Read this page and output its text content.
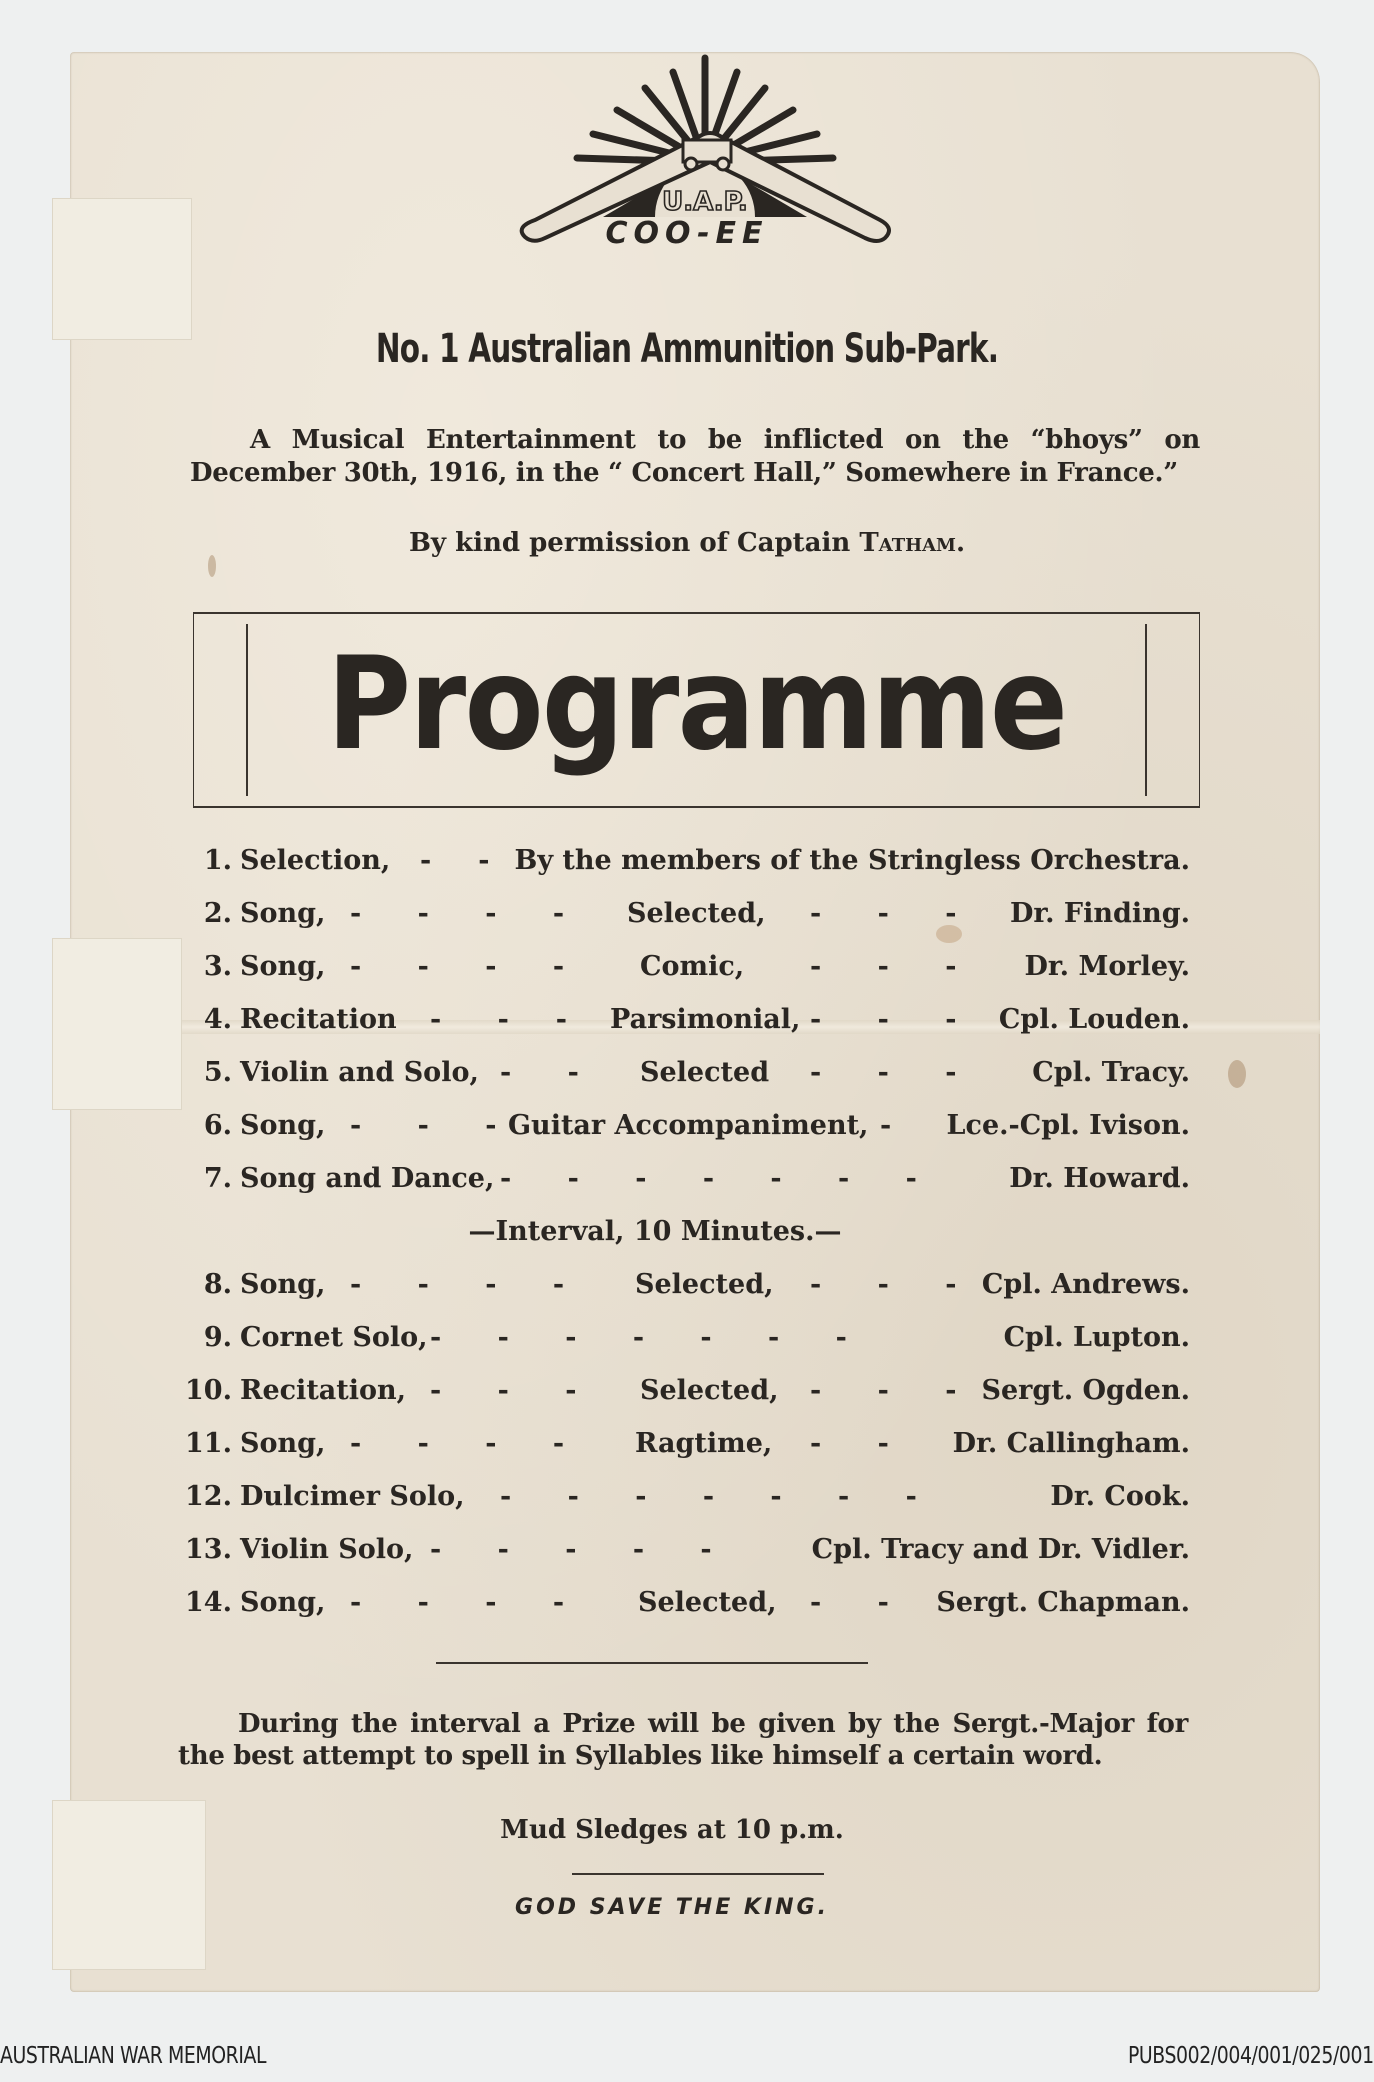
U.A.P.
COO-EE
No. 1 Australian Ammunition Sub-Park.
A Musical Entertainment to be inflicted on the “bhoys” on December 30th, 1916, in the “ Concert Hall,” Somewhere in France.”
By kind permission of Captain Tatham.
Programme
1. Selection, -     - By the members of the Stringless Orchestra.
2. Song, -      -      -      - Selected, -      -      - Dr. Finding.
3. Song, -      -      -      -	Comic, -      -      -	Dr. Morley.
4. Recitation -      -     - Parsimonial, -      -      - Cpl. Louden.
5. Violin and Solo, -      - Selected -      -      -	Cpl. Tracy.
6. Song, -      -      - Guitar Accompaniment, - Lce.-Cpl. Ivison.
7. Song and Dance, -      -      -      -      -      -      -	Dr. Howard.
—Interval, 10 Minutes.—
8. Song, -      -      -      -	Selected, -      -      - Cpl. Andrews.
9. Cornet Solo, -      -      -      -      -      -      -	Cpl. Lupton.
10. Recitation, -      -      - Selected, -      -      - Sergt. Ogden.
11. Song, -      -      -      -	Ragtime, -      - Dr. Callingham.
12. Dulcimer Solo, -      -      -      -      -      -      -	Dr. Cook.
13. Violin Solo, -      -      -      -      -	Cpl. Tracy and Dr. Vidler.
14. Song, -      -      -      -	Selected, -      - Sergt. Chapman.
During the interval a Prize will be given by the Sergt.-Major for the best attempt to spell in Syllables like himself a certain word.
Mud Sledges at 10 p.m.
GOD SAVE THE KING.
AUSTRALIAN WAR MEMORIAL	PUBS002/004/001/025/001
